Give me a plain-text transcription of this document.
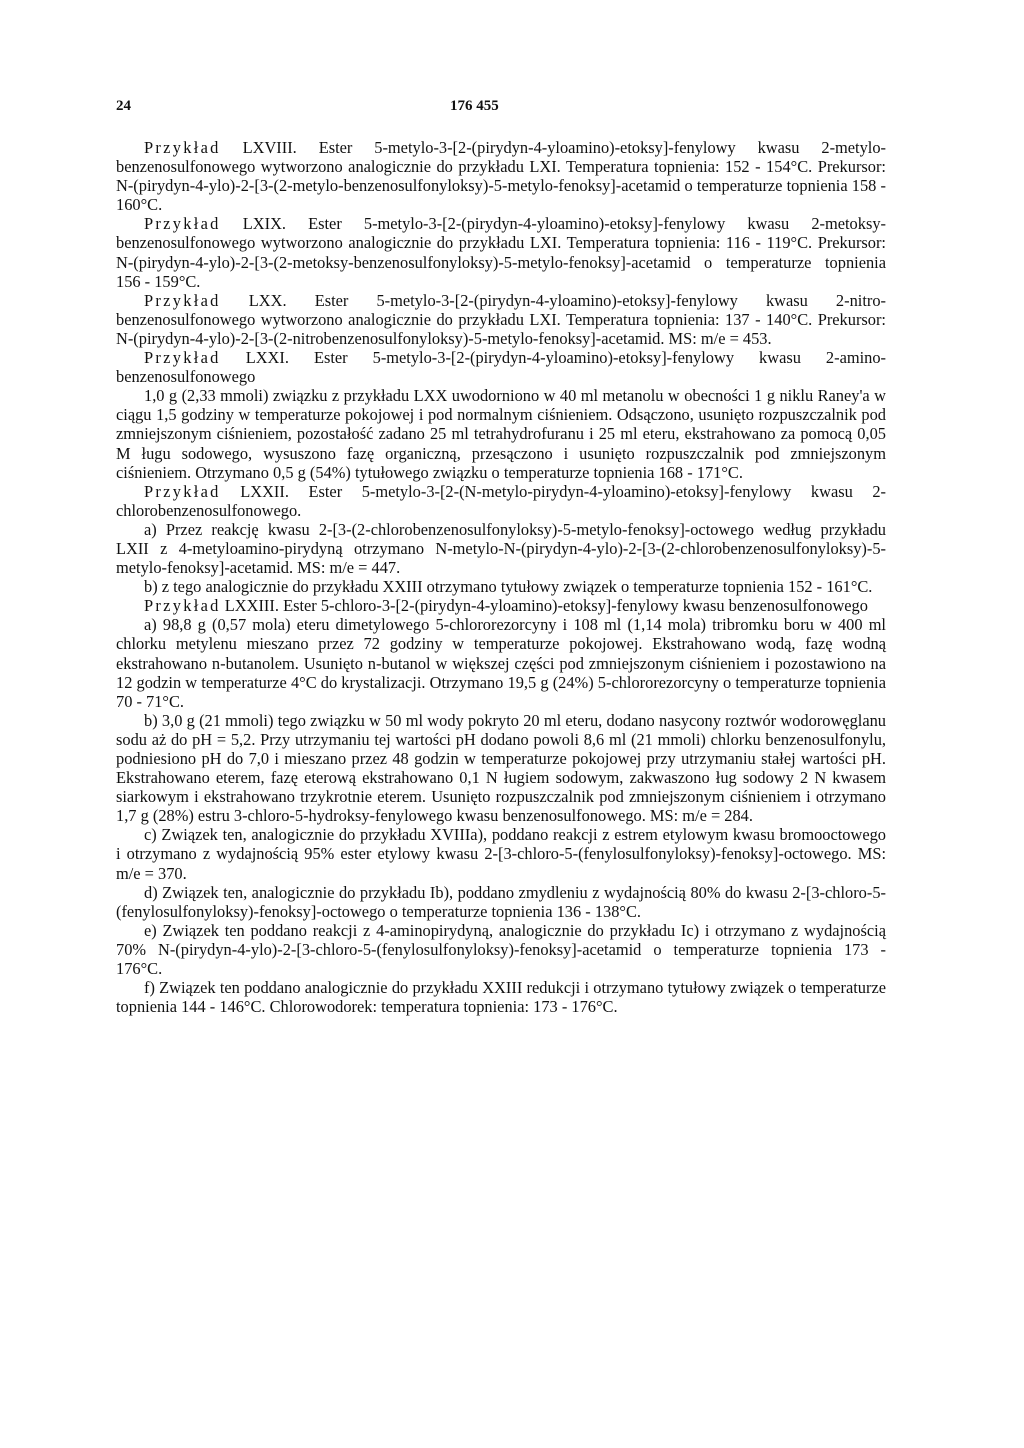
24	176 455

Przykład LXVIII. Ester 5-metylo-3-[2-(pirydyn-4-yloamino)-etoksy]-fenylowy kwasu 2-metylo-benzenosulfonowego wytworzono analogicznie do przykładu LXI. Temperatura topnienia: 152 - 154°C. Prekursor: N-(pirydyn-4-ylo)-2-[3-(2-metylo-benzenosulfonyloksy)-5-metylo-fenoksy]-acetamid o temperaturze topnienia 158 - 160°C.

Przykład LXIX. Ester 5-metylo-3-[2-(pirydyn-4-yloamino)-etoksy]-fenylowy kwasu 2-metoksy-benzenosulfonowego wytworzono analogicznie do przykładu LXI. Temperatura topnienia: 116 - 119°C. Prekursor: N-(pirydyn-4-ylo)-2-[3-(2-metoksy-benzenosulfonyloksy)-5-metylo-fenoksy]-acetamid o temperaturze topnienia 156 - 159°C.

Przykład LXX. Ester 5-metylo-3-[2-(pirydyn-4-yloamino)-etoksy]-fenylowy kwasu 2-nitro-benzenosulfonowego wytworzono analogicznie do przykładu LXI. Temperatura topnienia: 137 - 140°C. Prekursor: N-(pirydyn-4-ylo)-2-[3-(2-nitrobenzenosulfonyloksy)-5-metylo-fenoksy]-acetamid. MS: m/e = 453.

Przykład LXXI. Ester 5-metylo-3-[2-(pirydyn-4-yloamino)-etoksy]-fenylowy kwasu 2-amino-benzenosulfonowego

1,0 g (2,33 mmoli) związku z przykładu LXX uwodorniono w 40 ml metanolu w obecności 1 g niklu Raney'a w ciągu 1,5 godziny w temperaturze pokojowej i pod normalnym ciśnieniem. Odsączono, usunięto rozpuszczalnik pod zmniejszonym ciśnieniem, pozostałość zadano 25 ml tetrahydrofuranu i 25 ml eteru, ekstrahowano za pomocą 0,05 M ługu sodowego, wysuszono fazę organiczną, przesączono i usunięto rozpuszczalnik pod zmniejszonym ciśnieniem. Otrzymano 0,5 g (54%) tytułowego związku o temperaturze topnienia 168 - 171°C.

Przykład LXXII. Ester 5-metylo-3-[2-(N-metylo-pirydyn-4-yloamino)-etoksy]-fenylowy kwasu 2-chlorobenzenosulfonowego.

a) Przez reakcję kwasu 2-[3-(2-chlorobenzenosulfonyloksy)-5-metylo-fenoksy]-octowego według przykładu LXII z 4-metyloamino-pirydyną otrzymano N-metylo-N-(pirydyn-4-ylo)-2-[3-(2-chlorobenzenosulfonyloksy)-5-metylo-fenoksy]-acetamid. MS: m/e = 447.

b) z tego analogicznie do przykładu XXIII otrzymano tytułowy związek o temperaturze topnienia 152 - 161°C.

Przykład LXXIII. Ester 5-chloro-3-[2-(pirydyn-4-yloamino)-etoksy]-fenylowy kwasu benzenosulfonowego

a) 98,8 g (0,57 mola) eteru dimetylowego 5-chlororezorcyny i 108 ml (1,14 mola) tribromku boru w 400 ml chlorku metylenu mieszano przez 72 godziny w temperaturze pokojowej. Ekstrahowano wodą, fazę wodną ekstrahowano n-butanolem. Usunięto n-butanol w większej części pod zmniejszonym ciśnieniem i pozostawiono na 12 godzin w temperaturze 4°C do krystalizacji. Otrzymano 19,5 g (24%) 5-chlororezorcyny o temperaturze topnienia 70 - 71°C.

b) 3,0 g (21 mmoli) tego związku w 50 ml wody pokryto 20 ml eteru, dodano nasycony roztwór wodorowęglanu sodu aż do pH = 5,2. Przy utrzymaniu tej wartości pH dodano powoli 8,6 ml (21 mmoli) chlorku benzenosulfonylu, podniesiono pH do 7,0 i mieszano przez 48 godzin w temperaturze pokojowej przy utrzymaniu stałej wartości pH. Ekstrahowano eterem, fazę eterową ekstrahowano 0,1 N ługiem sodowym, zakwaszono ług sodowy 2 N kwasem siarkowym i ekstrahowano trzykrotnie eterem. Usunięto rozpuszczalnik pod zmniejszonym ciśnieniem i otrzymano 1,7 g (28%) estru 3-chloro-5-hydroksy-fenylowego kwasu benzenosulfonowego. MS: m/e = 284.

c) Związek ten, analogicznie do przykładu XVIIIa), poddano reakcji z estrem etylowym kwasu bromooctowego i otrzymano z wydajnością 95% ester etylowy kwasu 2-[3-chloro-5-(fenylosulfonyloksy)-fenoksy]-octowego. MS: m/e = 370.

d) Związek ten, analogicznie do przykładu Ib), poddano zmydleniu z wydajnością 80% do kwasu 2-[3-chloro-5-(fenylosulfonyloksy)-fenoksy]-octowego o temperaturze topnienia 136 - 138°C.

e) Związek ten poddano reakcji z 4-aminopirydyną, analogicznie do przykładu Ic) i otrzymano z wydajnością 70% N-(pirydyn-4-ylo)-2-[3-chloro-5-(fenylosulfonyloksy)-fenoksy]-acetamid o temperaturze topnienia 173 - 176°C.

f) Związek ten poddano analogicznie do przykładu XXIII redukcji i otrzymano tytułowy związek o temperaturze topnienia 144 - 146°C. Chlorowodorek: temperatura topnienia: 173 - 176°C.
